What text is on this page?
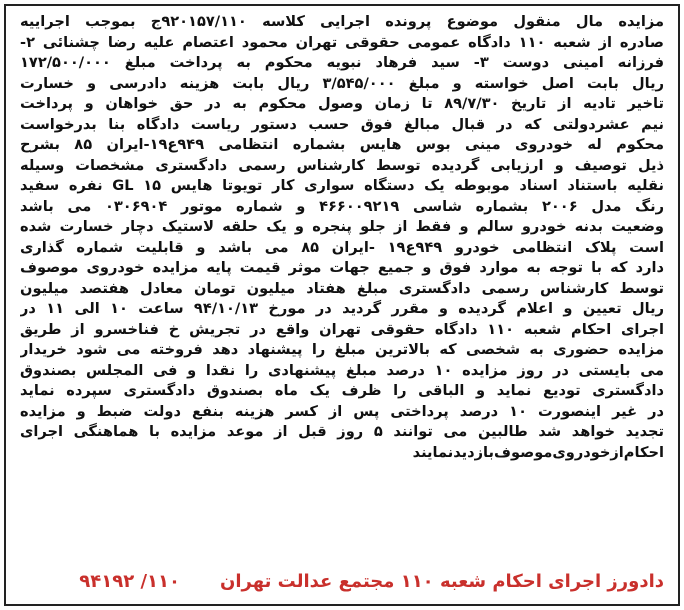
مزایده مال منقول موضوع پرونده اجرایی کلاسه ۹۲۰۱۵۷/۱۱۰ج بموجب اجراییه
صادره از شعبه ۱۱۰ دادگاه عمومی حقوقی تهران محمود اعتصام علیه رضا چشنائی ۲-
فرزانه امینی دوست ۳- سید فرهاد نبویه محکوم به پرداخت مبلغ ۱۷۲/۵۰۰/۰۰۰
ریال بابت اصل خواسته و مبلغ ۳/۵۴۵/۰۰۰ ریال بابت هزینه دادرسی و خسارت
تاخیر تادیه از تاریخ ۸۹/۷/۳۰ تا زمان وصول محکوم به در حق خواهان و پرداخت
نیم عشردولتی که در قبال مبالغ فوق حسب دستور ریاست دادگاه بنا بدرخواست
محکوم له خودروی مینی بوس هایس بشماره انتظامی ۹۴۹ع۱۹-ایران ۸۵ بشرح
ذیل توصیف و ارزیابی گردیده توسط کارشناس رسمی دادگستری مشخصات وسیله
نقلیه باستناد اسناد موبوطه یک دستگاه سواری کار تویوتا هایس GL ۱۵ نفره سفید
رنگ مدل ۲۰۰۶ بشماره شاسی ۴۶۶۰۰۹۲۱۹ و شماره موتور ۰۳۰۶۹۰۴ می باشد
وضعیت بدنه خودرو سالم و فقط از جلو پنجره و یک حلقه لاستیک دچار خسارت شده
است پلاک انتظامی خودرو ۹۴۹ع۱۹ -ایران ۸۵ می باشد و قابلیت شماره گذاری
دارد که با توجه به موارد فوق و جمیع جهات موثر قیمت پایه مزایده خودروی موصوف
توسط کارشناس رسمی دادگستری مبلغ هفتاد میلیون تومان معادل هفتصد میلیون
ریال تعیین و اعلام گردیده و مقرر گردید در مورخ ۹۴/۱۰/۱۳ ساعت ۱۰ الی ۱۱ در
اجرای احکام شعبه ۱۱۰ دادگاه حقوقی تهران واقع در تجریش خ فناخسرو از طریق
مزایده حضوری به شخصی که بالاترین مبلغ را پیشنهاد دهد فروخته می شود خریدار
می بایستی در روز مزایده ۱۰ درصد مبلغ پیشنهادی را نقدا و فی المجلس بصندوق
دادگستری تودیع نماید و الباقی را ظرف یک ماه بصندوق دادگستری سپرده نماید
در غیر اینصورت ۱۰ درصد پرداختی پس از کسر هزینه بنفع دولت ضبط و مزایده
تجدید خواهد شد طالبین می توانند ۵ روز قبل از موعد مزایده با هماهنگی اجرای
احکام‌از‌خودروی‌موصوف‌بازدید‌نمایند
دادورز اجرای احکام شعبه ۱۱۰ مجتمع عدالت تهران
۱۱۰/ ۹۴۱۹۲
